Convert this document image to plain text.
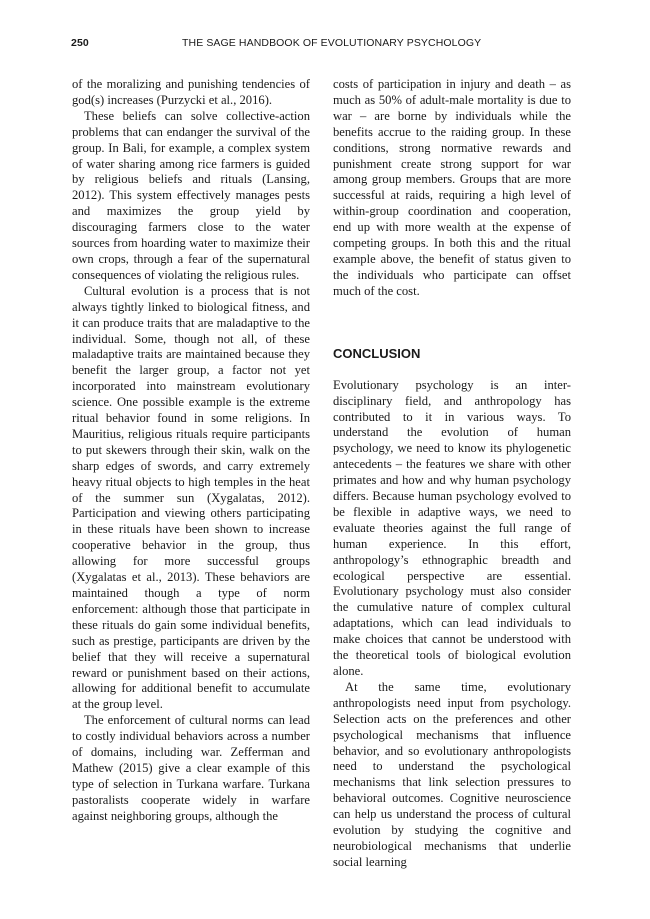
250	THE SAGE HANDBOOK OF EVOLUTIONARY PSYCHOLOGY

of the moralizing and punishing tendencies of god(s) increases (Purzycki et al., 2016).

These beliefs can solve collective-action problems that can endanger the survival of the group. In Bali, for example, a complex system of water sharing among rice farmers is guided by religious beliefs and rituals (Lansing, 2012). This system effectively manages pests and maximizes the group yield by discouraging farmers close to the water sources from hoarding water to maximize their own crops, through a fear of the supernatural consequences of violating the religious rules.

Cultural evolution is a process that is not always tightly linked to biological fitness, and it can produce traits that are maladaptive to the individual. Some, though not all, of these maladaptive traits are maintained because they benefit the larger group, a factor not yet incorporated into mainstream evolutionary science. One possible example is the extreme ritual behavior found in some religions. In Mauritius, religious rituals require participants to put skewers through their skin, walk on the sharp edges of swords, and carry extremely heavy ritual objects to high temples in the heat of the summer sun (Xygalatas, 2012). Participation and viewing others participating in these rituals have been shown to increase cooperative behavior in the group, thus allowing for more successful groups (Xygalatas et al., 2013). These behaviors are maintained though a type of norm enforcement: although those that participate in these rituals do gain some individual benefits, such as prestige, participants are driven by the belief that they will receive a supernatural reward or punishment based on their actions, allowing for additional benefit to accumulate at the group level.

The enforcement of cultural norms can lead to costly individual behaviors across a number of domains, including war. Zefferman and Mathew (2015) give a clear example of this type of selection in Turkana warfare. Turkana pastoralists cooperate widely in warfare against neighboring groups, although the

costs of participation in injury and death – as much as 50% of adult-male mortality is due to war – are borne by individuals while the benefits accrue to the raiding group. In these conditions, strong normative rewards and punishment create strong support for war among group members. Groups that are more successful at raids, requiring a high level of within-group coordination and cooperation, end up with more wealth at the expense of competing groups. In both this and the ritual example above, the benefit of status given to the individuals who participate can offset much of the cost.

CONCLUSION

Evolutionary psychology is an inter-disciplinary field, and anthropology has contributed to it in various ways. To understand the evolution of human psychology, we need to know its phylogenetic antecedents – the features we share with other primates and how and why human psychology differs. Because human psychology evolved to be flexible in adaptive ways, we need to evaluate theories against the full range of human experience. In this effort, anthropology’s ethnographic breadth and ecological perspective are essential. Evolutionary psychology must also consider the cumulative nature of complex cultural adaptations, which can lead individuals to make choices that cannot be understood with the theoretical tools of biological evolution alone.

At the same time, evolutionary anthropologists need input from psychology. Selection acts on the preferences and other psychological mechanisms that influence behavior, and so evolutionary anthropologists need to understand the psychological mechanisms that link selection pressures to behavioral outcomes. Cognitive neuroscience can help us understand the process of cultural evolution by studying the cognitive and neurobiological mechanisms that underlie social learning
